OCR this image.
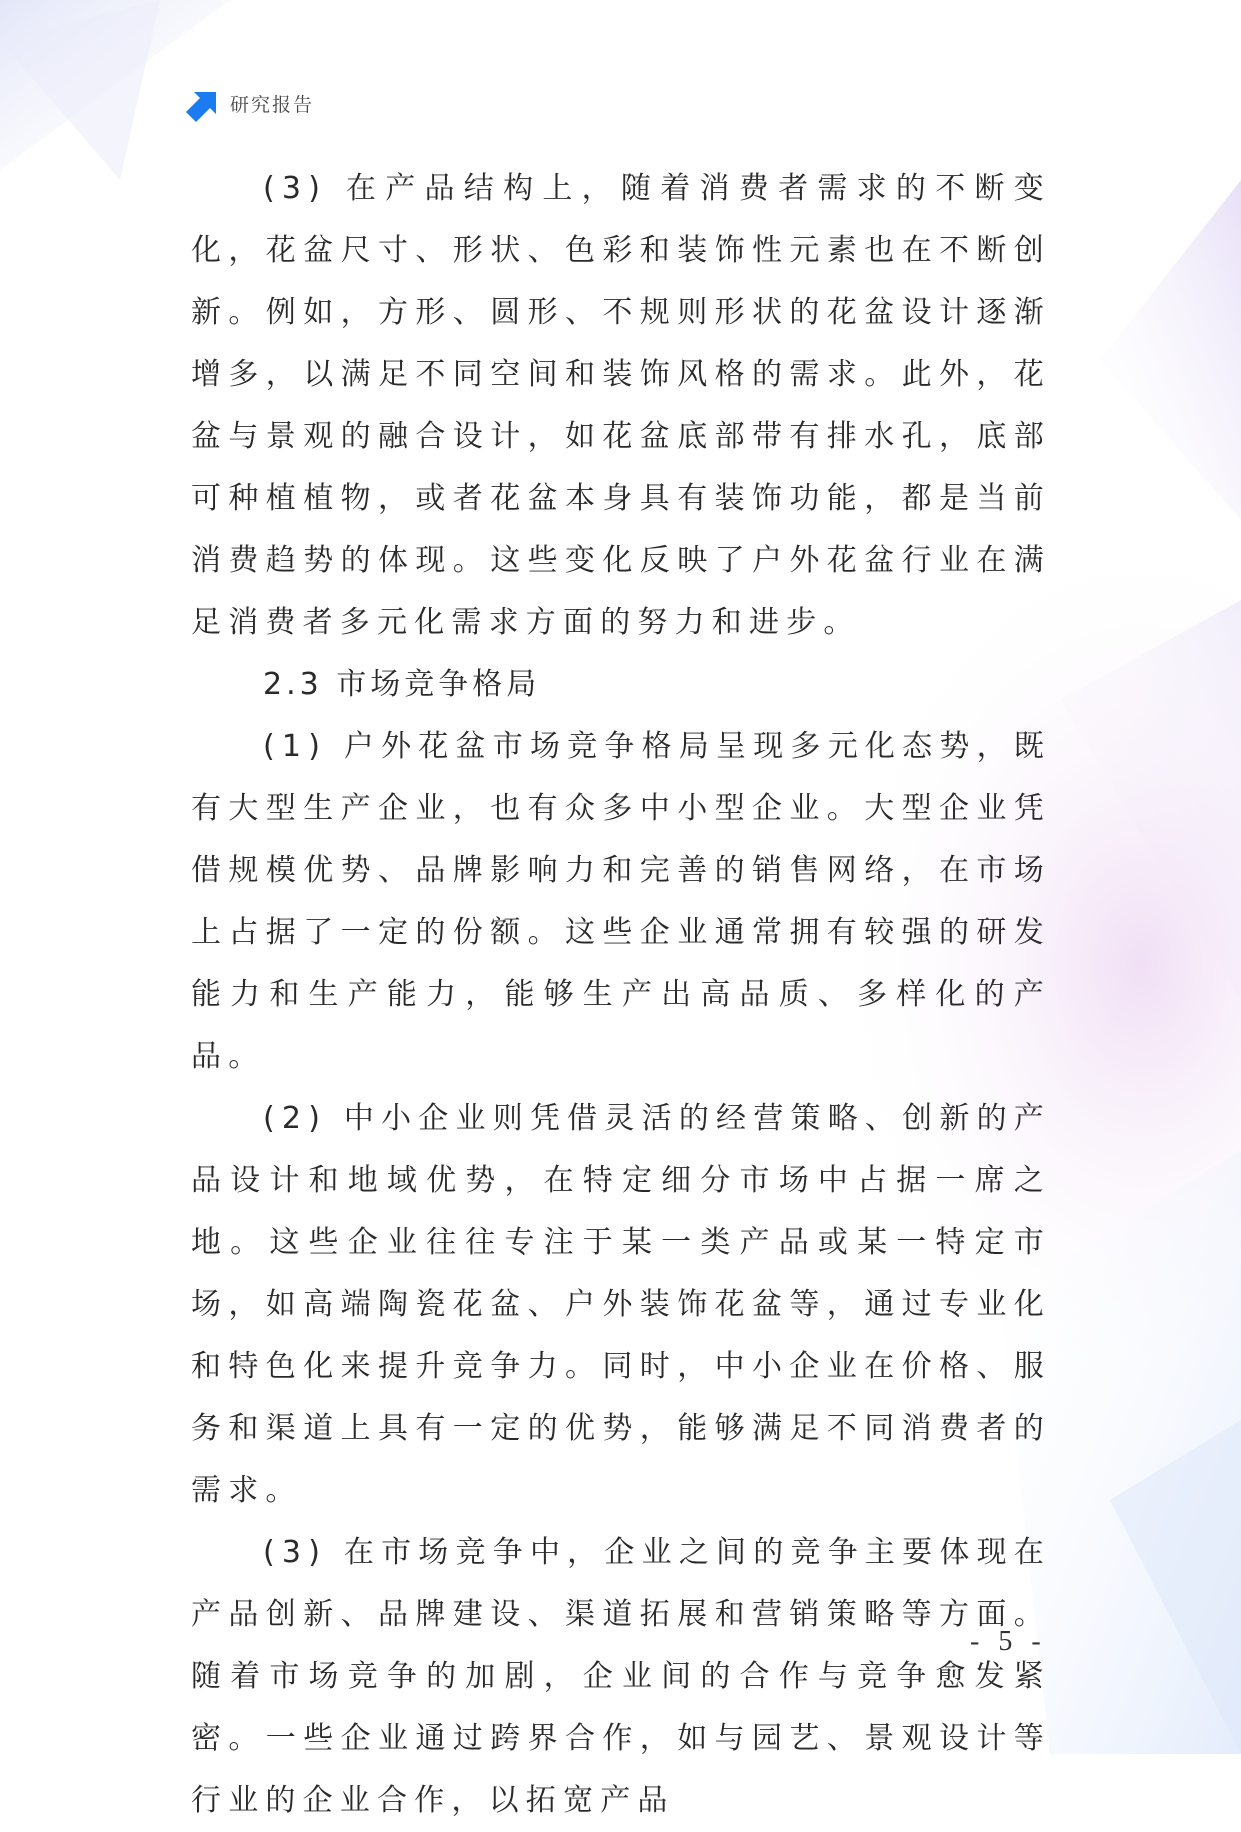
研究报告

(3) 在产品结构上，随着消费者需求的不断变化，花盆尺寸、形状、色彩和装饰性元素也在不断创新。例如，方形、圆形、不规则形状的花盆设计逐渐增多，以满足不同空间和装饰风格的需求。此外，花盆与景观的融合设计，如花盆底部带有排水孔，底部可种植植物，或者花盆本身具有装饰功能，都是当前消费趋势的体现。这些变化反映了户外花盆行业在满足消费者多元化需求方面的努力和进步。

2.3 市场竞争格局

(1) 户外花盆市场竞争格局呈现多元化态势，既有大型生产企业，也有众多中小型企业。大型企业凭借规模优势、品牌影响力和完善的销售网络，在市场上占据了一定的份额。这些企业通常拥有较强的研发能力和生产能力，能够生产出高品质、多样化的产品。

(2) 中小企业则凭借灵活的经营策略、创新的产品设计和地域优势，在特定细分市场中占据一席之地。这些企业往往专注于某一类产品或某一特定市场，如高端陶瓷花盆、户外装饰花盆等，通过专业化和特色化来提升竞争力。同时，中小企业在价格、服务和渠道上具有一定的优势，能够满足不同消费者的需求。

(3) 在市场竞争中，企业之间的竞争主要体现在产品创新、品牌建设、渠道拓展和营销策略等方面。随着市场竞争的加剧，企业间的合作与竞争愈发紧密。一些企业通过跨界合作，如与园艺、景观设计等行业的企业合作，以拓宽产品

- 5 -
